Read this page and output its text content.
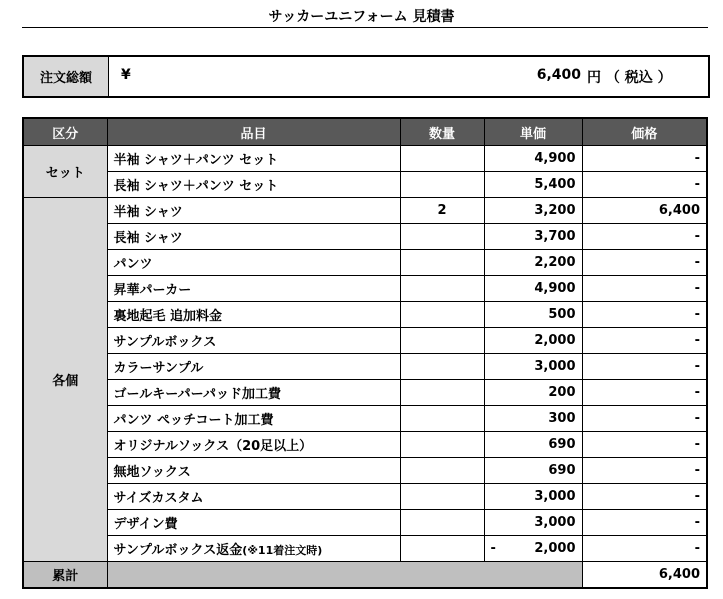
サッカーユニフォーム 見積書
注文総額	¥	6,400 円 （ 税込 ）
区分	品目	数量	単価	価格
セット	半袖 シャツ＋パンツ セット		4,900	-
	長袖 シャツ＋パンツ セット		5,400	-
各個	半袖 シャツ	2	3,200	6,400
	長袖 シャツ		3,700	-
	パンツ		2,200	-
	昇華パーカー		4,900	-
	裏地起毛 追加料金		500	-
	サンプルボックス		2,000	-
	カラーサンプル		3,000	-
	ゴールキーパーパッド加工費		200	-
	パンツ ペッチコート加工費		300	-
	オリジナルソックス（20足以上）		690	-
	無地ソックス		690	-
	サイズカスタム		3,000	-
	デザイン費		3,000	-
	サンプルボックス返金(※11着注文時)		- 2,000	-
累計				6,400
